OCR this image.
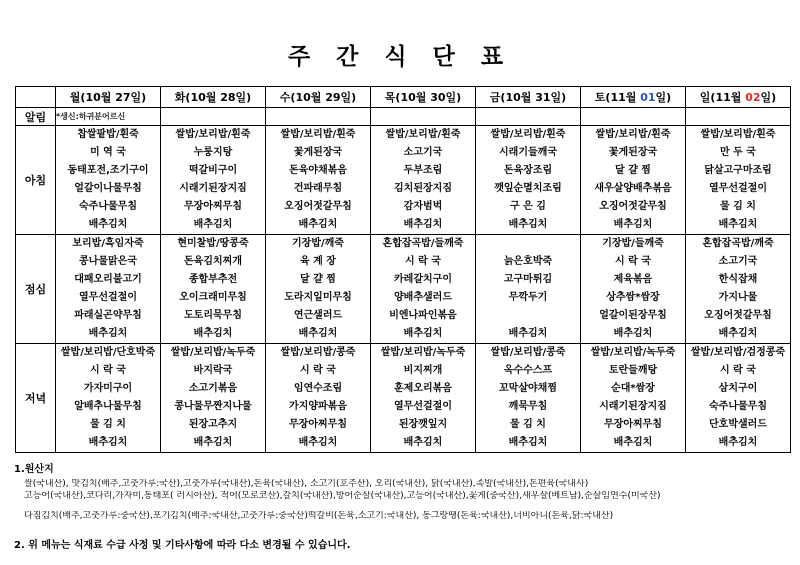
주 간 식 단 표
	월(10월 27일)	화(10월 28일)	수(10월 29일)	목(10월 30일)	금(10월 31일)	토(11월 01일)	일(11월 02일)
알림	*생신:하귀분어르신						
아침	
찹쌀팥밥/흰죽
미 역 국
동태포전,조기구이
얼갈이나물무침
숙주나물무침
배추김치

쌀밥/보리밥/흰죽
누룽지탕
떡갈비구이
시래기된장지짐
무장아찌무침
배추김치

쌀밥/보리밥/흰죽
꽃게된장국
돈육야채볶음
건파래무침
오징어젓갈무침
배추김치

쌀밥/보리밥/흰죽
소고기국
두부조림
김치된장지짐
감자범벅
배추김치

쌀밥/보리밥/흰죽
시래기들깨국
돈육장조림
깻잎순멸치조림
구 은 김
배추김치

쌀밥/보리밥/흰죽
꽃게된장국
달 걀 찜
새우살양배추볶음
오징어젓갈무침
배추김치

쌀밥/보리밥/흰죽
만 두 국
닭살고구마조림
열무선걸절이
물 김 치
배추김치

점심	
보리밥/흑임자죽
콩나물맑은국
대패오리불고기
열무선걸절이
파래실곤약무침
배추김치

현미찰밥/땅콩죽
돈육김치찌개
종합부추전
오이크래미무침
도토리묵무침
배추김치

기장밥/깨죽
육 계 장
달 걀 찜
도라지일미무침
연근샐러드
배추김치

혼합잡곡밥/들깨죽
시 락 국
카레갈치구이
양배추샐러드
비엔나파인볶음
배추김치

늙은호박죽
고구마튀김
무깍두기
배추김치

기장밥/들깨죽
시 락 국
제육볶음
상추쌈*쌈장
얼갈이된장무침
배추김치

혼합잡곡밥/깨죽
소고기국
한식잡채
가지나물
오징어젓갈무침
배추김치

저녁	
쌀밥/보리밥/단호박죽
시 락 국
가자미구이
알배추나물무침
물 김 치
배추김치

쌀밥/보리밥/녹두죽
바지락국
소고기볶음
콩나물무짠지나물
된장고추지
배추김치

쌀밥/보리밥/콩죽
시 락 국
임연수조림
가지양파볶음
무장아찌무침
배추김치

쌀밥/보리밥/녹두죽
비지찌개
훈제오리볶음
열무선걸절이
된장깻잎지
배추김치

쌀밥/보리밥/콩죽
옥수수스프
꼬막살야채찜
깨묵무침
물 김 치
배추김치

쌀밥/보리밥/녹두죽
토란들깨탕
순대*쌈장
시래기된장지짐
무장아찌무침
배추김치

쌀밥/보리밥/검정콩죽
시 락 국
삼치구이
숙주나물무침
단호박샐러드
배추김치
1.원산지
쌀(국내산), 맛김치(배추,고춧가루:국산),고춧가루(국내산),돈육(국내산), 소고기(호주산), 오리(국내산), 닭(국내산),족발(국내산),돈편육(국내사)
고등어(국내산),코다리,가자미,동태포( 러시아산), 적어(모로코산),갈치(국내산),방어순살(국내산),고등어(국내산),꽃게(중국산),새우살(베트남),순살임연수(미국산)
다짐김치(배추,고춧가루:중국산),포기김치(배추:국내산,고춧가루:중국산)떡갈비(돈육,소고기:국내산), 동그랑땡(돈육:국내산),너비아니(돈육,닭:국내산)
2. 위 메뉴는 식재료 수급 사정 및 기타사항에 따라 다소 변경될 수 있습니다.
